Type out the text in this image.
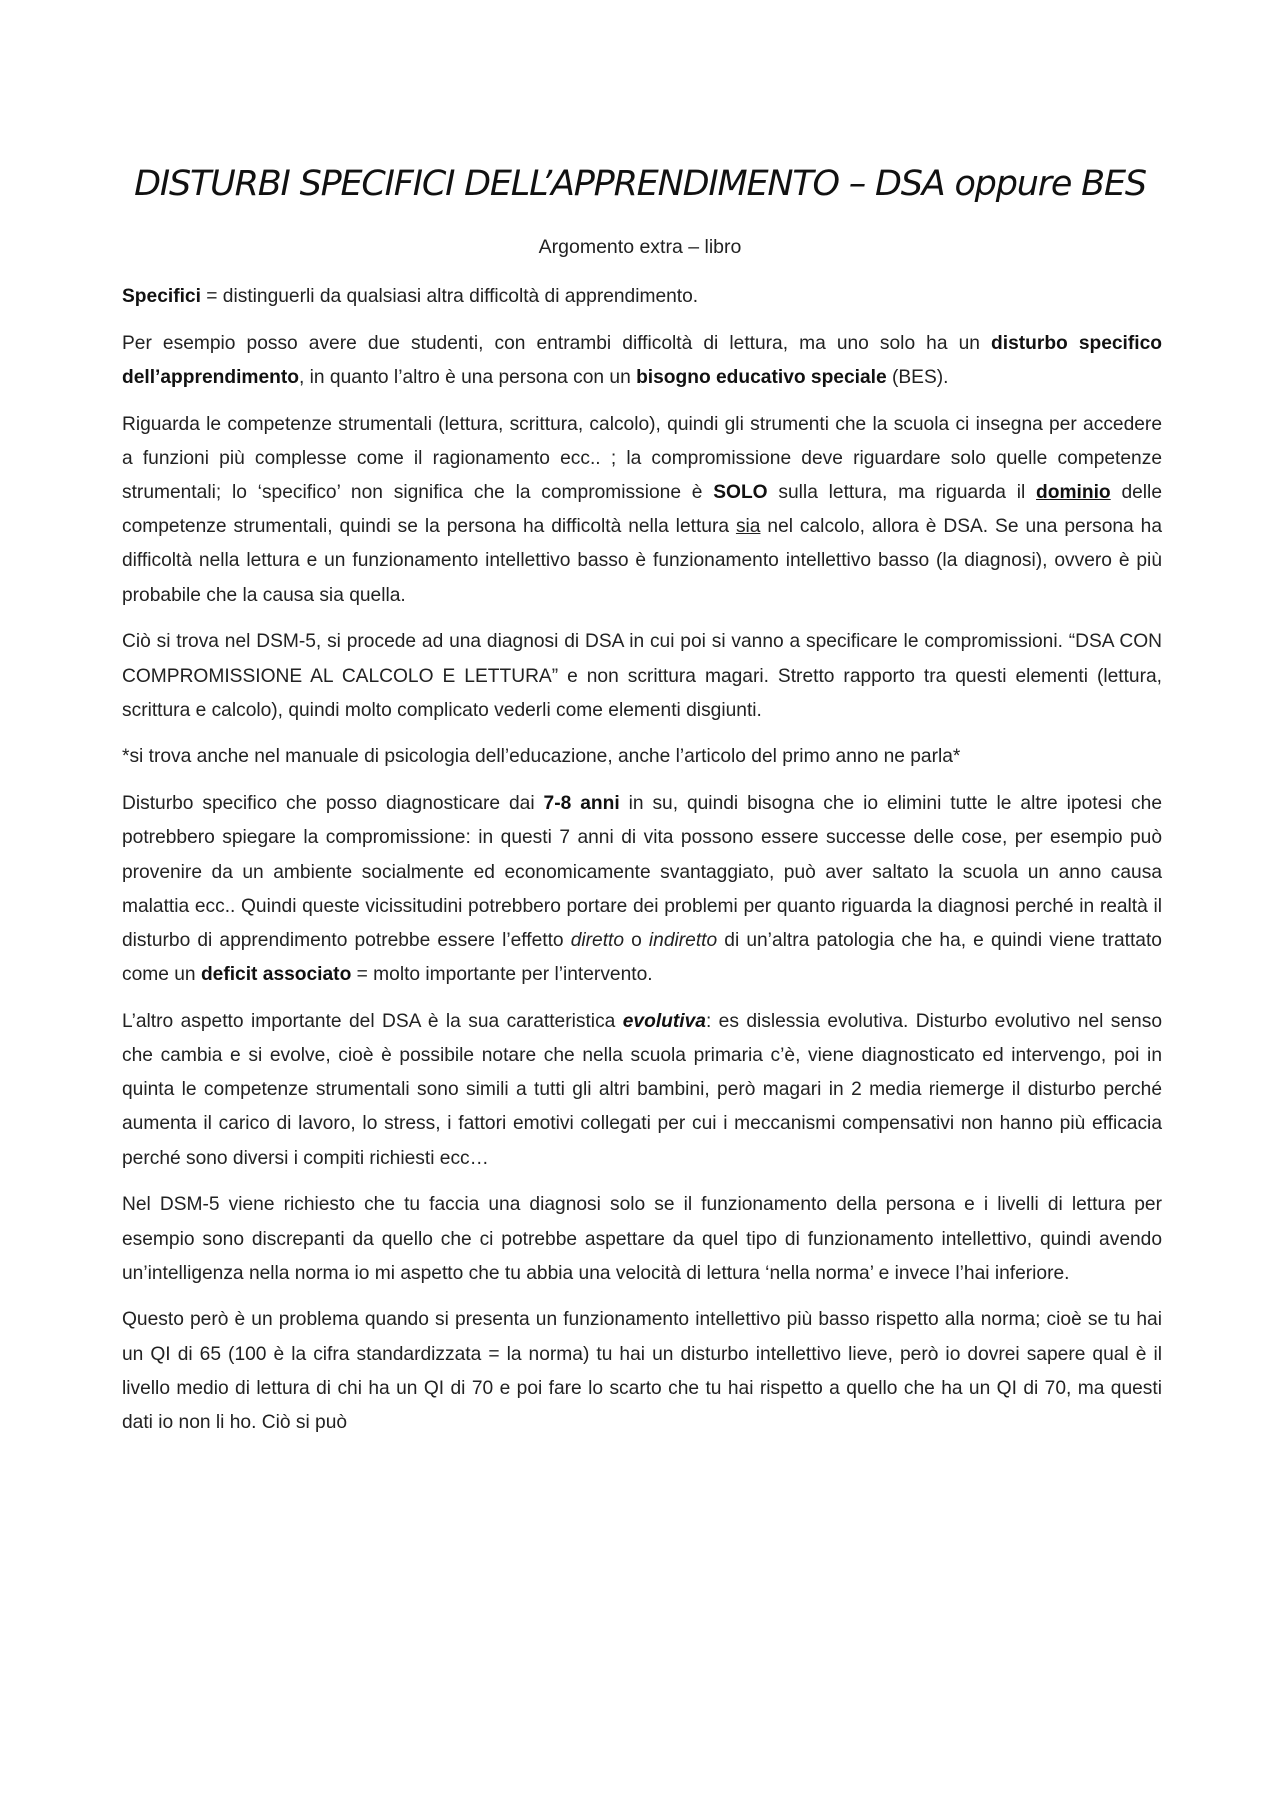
DISTURBI SPECIFICI DELL’APPRENDIMENTO – DSA oppure BES
Argomento extra – libro

Specifici = distinguerli da qualsiasi altra difficoltà di apprendimento.

Per esempio posso avere due studenti, con entrambi difficoltà di lettura, ma uno solo ha un disturbo specifico dell’apprendimento, in quanto l’altro è una persona con un bisogno educativo speciale (BES).

Riguarda le competenze strumentali (lettura, scrittura, calcolo), quindi gli strumenti che la scuola ci insegna per accedere a funzioni più complesse come il ragionamento ecc.. ; la compromissione deve riguardare solo quelle competenze strumentali; lo ‘specifico’ non significa che la compromissione è SOLO sulla lettura, ma riguarda il dominio delle competenze strumentali, quindi se la persona ha difficoltà nella lettura sia nel calcolo, allora è DSA. Se una persona ha difficoltà nella lettura e un funzionamento intellettivo basso è funzionamento intellettivo basso (la diagnosi), ovvero è più probabile che la causa sia quella.

Ciò si trova nel DSM-5, si procede ad una diagnosi di DSA in cui poi si vanno a specificare le compromissioni. “DSA CON COMPROMISSIONE AL CALCOLO E LETTURA” e non scrittura magari. Stretto rapporto tra questi elementi (lettura, scrittura e calcolo), quindi molto complicato vederli come elementi disgiunti.

*si trova anche nel manuale di psicologia dell’educazione, anche l’articolo del primo anno ne parla*

Disturbo specifico che posso diagnosticare dai 7-8 anni in su, quindi bisogna che io elimini tutte le altre ipotesi che potrebbero spiegare la compromissione: in questi 7 anni di vita possono essere successe delle cose, per esempio può provenire da un ambiente socialmente ed economicamente svantaggiato, può aver saltato la scuola un anno causa malattia ecc.. Quindi queste vicissitudini potrebbero portare dei problemi per quanto riguarda la diagnosi perché in realtà il disturbo di apprendimento potrebbe essere l’effetto diretto o indiretto di un’altra patologia che ha, e quindi viene trattato come un deficit associato = molto importante per l’intervento.

L’altro aspetto importante del DSA è la sua caratteristica evolutiva: es dislessia evolutiva. Disturbo evolutivo nel senso che cambia e si evolve, cioè è possibile notare che nella scuola primaria c’è, viene diagnosticato ed intervengo, poi in quinta le competenze strumentali sono simili a tutti gli altri bambini, però magari in 2 media riemerge il disturbo perché aumenta il carico di lavoro, lo stress, i fattori emotivi collegati per cui i meccanismi compensativi non hanno più efficacia perché sono diversi i compiti richiesti ecc…

Nel DSM-5 viene richiesto che tu faccia una diagnosi solo se il funzionamento della persona e i livelli di lettura per esempio sono discrepanti da quello che ci potrebbe aspettare da quel tipo di funzionamento intellettivo, quindi avendo un’intelligenza nella norma io mi aspetto che tu abbia una velocità di lettura ‘nella norma’ e invece l’hai inferiore.

Questo però è un problema quando si presenta un funzionamento intellettivo più basso rispetto alla norma; cioè se tu hai un QI di 65 (100 è la cifra standardizzata = la norma) tu hai un disturbo intellettivo lieve, però io dovrei sapere qual è il livello medio di lettura di chi ha un QI di 70 e poi fare lo scarto che tu hai rispetto a quello che ha un QI di 70, ma questi dati io non li ho. Ciò si può
